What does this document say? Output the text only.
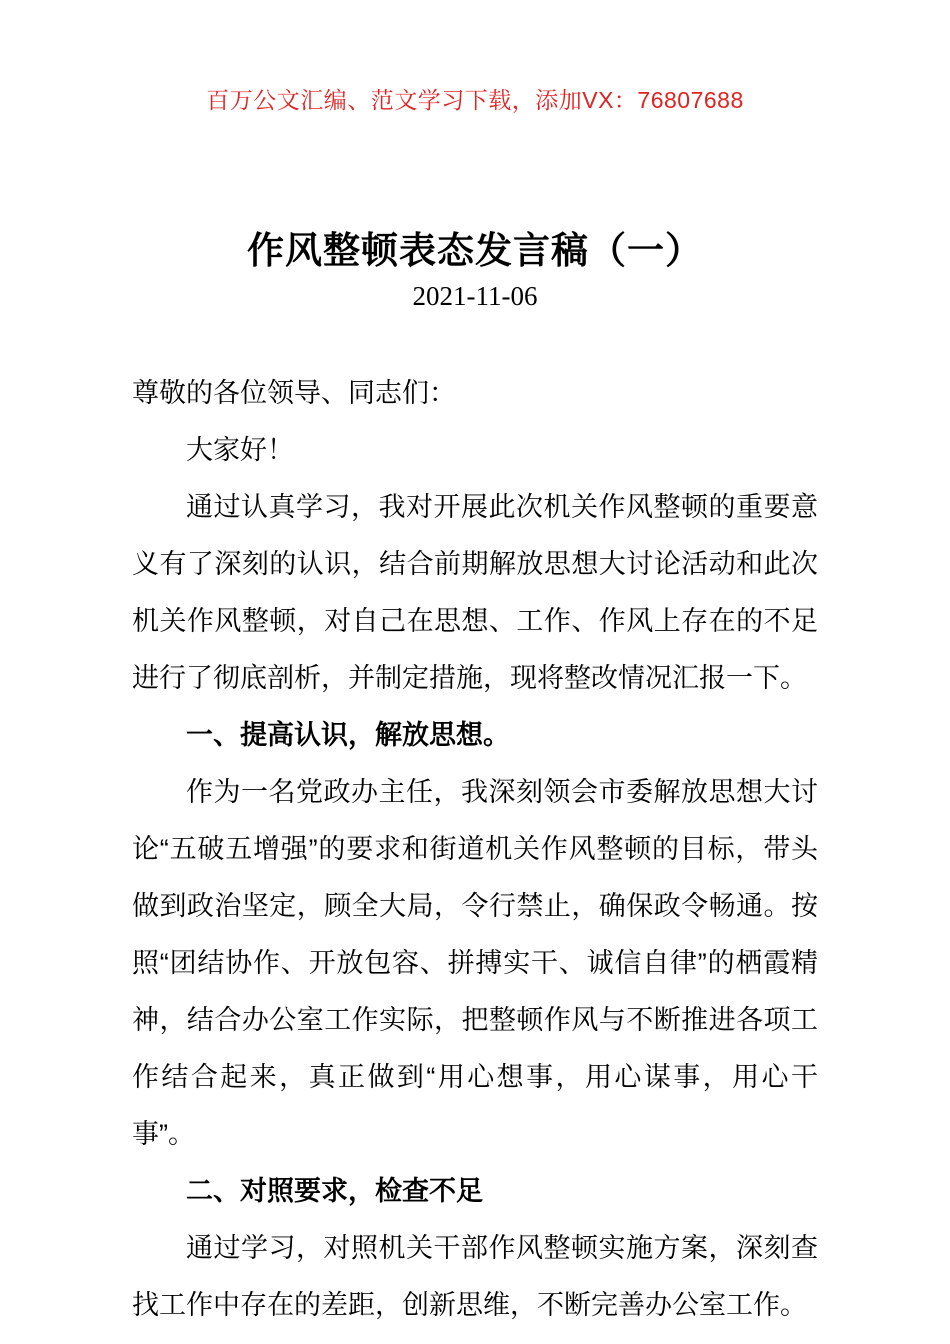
百万公文汇编、范文学习下载，添加VX：76807688
作风整顿表态发言稿（一）
2021-11-06

尊敬的各位领导、同志们：

大家好！

通过认真学习，我对开展此次机关作风整顿的重要意义有了深刻的认识，结合前期解放思想大讨论活动和此次机关作风整顿，对自己在思想、工作、作风上存在的不足进行了彻底剖析，并制定措施，现将整改情况汇报一下。

一、提高认识，解放思想。

作为一名党政办主任，我深刻领会市委解放思想大讨论“五破五增强”的要求和街道机关作风整顿的目标，带头做到政治坚定，顾全大局，令行禁止，确保政令畅通。按照“团结协作、开放包容、拼搏实干、诚信自律”的栖霞精神，结合办公室工作实际，把整顿作风与不断推进各项工作结合起来，真正做到“用心想事，用心谋事，用心干事”。

二、对照要求，检查不足

通过学习，对照机关干部作风整顿实施方案，深刻查找工作中存在的差距，创新思维，不断完善办公室工作。
